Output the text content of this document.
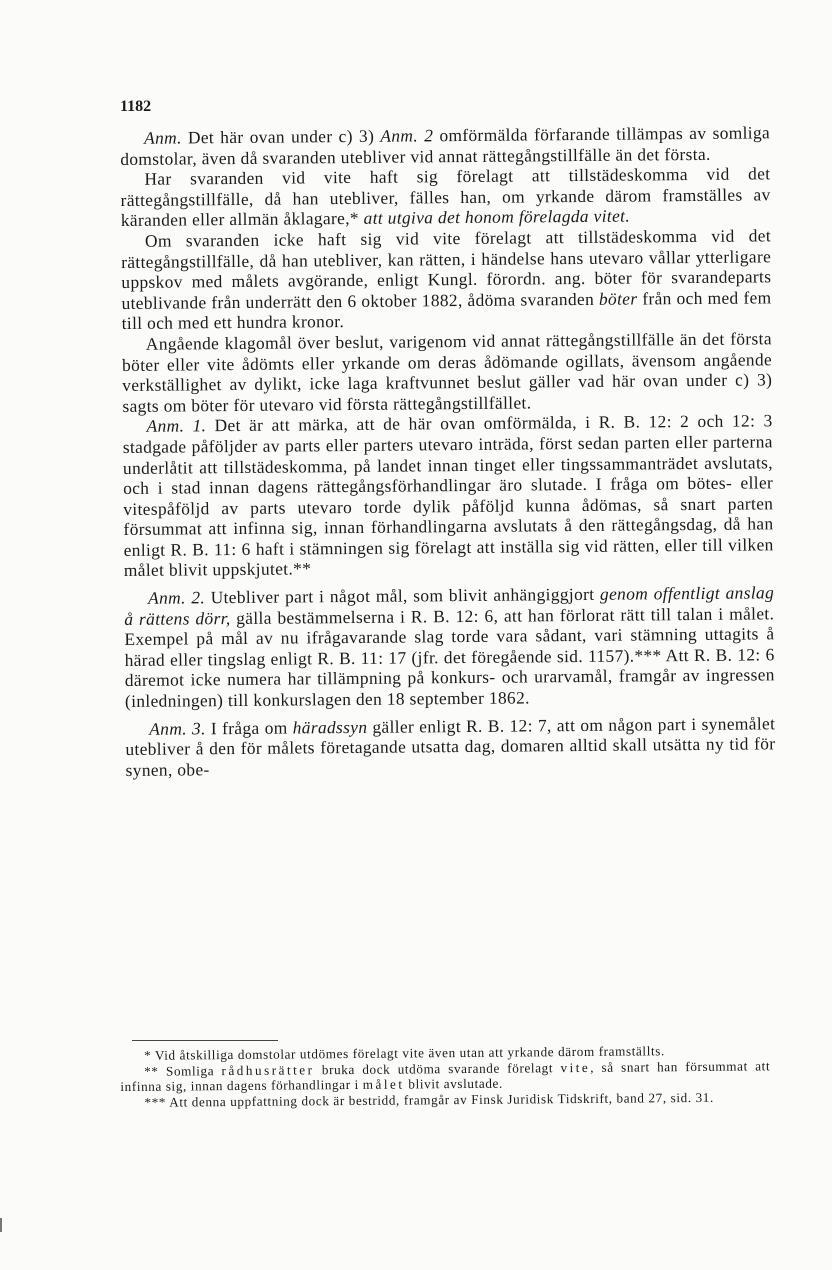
1182

Anm. Det här ovan under c) 3) Anm. 2 omförmälda förfarande tillämpas av somliga domstolar, även då svaranden utebliver vid annat rättegångstillfälle än det första.

Har svaranden vid vite haft sig förelagt att tillstädeskomma vid det rättegångstillfälle, då han utebliver, fälles han, om yrkande därom framställes av käranden eller allmän åklagare,* att utgiva det honom förelagda vitet.

Om svaranden icke haft sig vid vite förelagt att tillstädeskomma vid det rättegångstillfälle, då han utebliver, kan rätten, i händelse hans utevaro vållar ytterligare uppskov med målets avgörande, enligt Kungl. förordn. ang. böter för svarandeparts uteblivande från underrätt den 6 oktober 1882, ådöma svaranden böter från och med fem till och med ett hundra kronor.

Angående klagomål över beslut, varigenom vid annat rättegångstillfälle än det första böter eller vite ådömts eller yrkande om deras ådömande ogillats, ävensom angående verkställighet av dylikt, icke laga kraftvunnet beslut gäller vad här ovan under c) 3) sagts om böter för utevaro vid första rättegångstillfället.

Anm. 1. Det är att märka, att de här ovan omförmälda, i R. B. 12: 2 och 12: 3 stadgade påföljder av parts eller parters utevaro inträda, först sedan parten eller parterna underlåtit att tillstädeskomma, på landet innan tinget eller tingssammanträdet avslutats, och i stad innan dagens rättegångsförhandlingar äro slutade. I fråga om bötes- eller vitespåföljd av parts utevaro torde dylik påföljd kunna ådömas, så snart parten försummat att infinna sig, innan förhandlingarna avslutats å den rättegångsdag, då han enligt R. B. 11: 6 haft i stämningen sig förelagt att inställa sig vid rätten, eller till vilken målet blivit uppskjutet.**

Anm. 2. Utebliver part i något mål, som blivit anhängiggjort genom offentligt anslag å rättens dörr, gälla bestämmelserna i R. B. 12: 6, att han förlorat rätt till talan i målet. Exempel på mål av nu ifrågavarande slag torde vara sådant, vari stämning uttagits å härad eller tingslag enligt R. B. 11: 17 (jfr. det föregående sid. 1157).*** Att R. B. 12: 6 däremot icke numera har tillämpning på konkurs- och urarvamål, framgår av ingressen (inledningen) till konkurslagen den 18 september 1862.

Anm. 3. I fråga om häradssyn gäller enligt R. B. 12: 7, att om någon part i synemålet utebliver å den för målets företagande utsatta dag, domaren alltid skall utsätta ny tid för synen, obe-

* Vid åtskilliga domstolar utdömes förelagt vite även utan att yrkande därom framställts.

** Somliga rådhusrätter bruka dock utdöma svarande förelagt vite, så snart han försummat att infinna sig, innan dagens förhandlingar i målet blivit avslutade.

*** Att denna uppfattning dock är bestridd, framgår av Finsk Juridisk Tidskrift, band 27, sid. 31.
